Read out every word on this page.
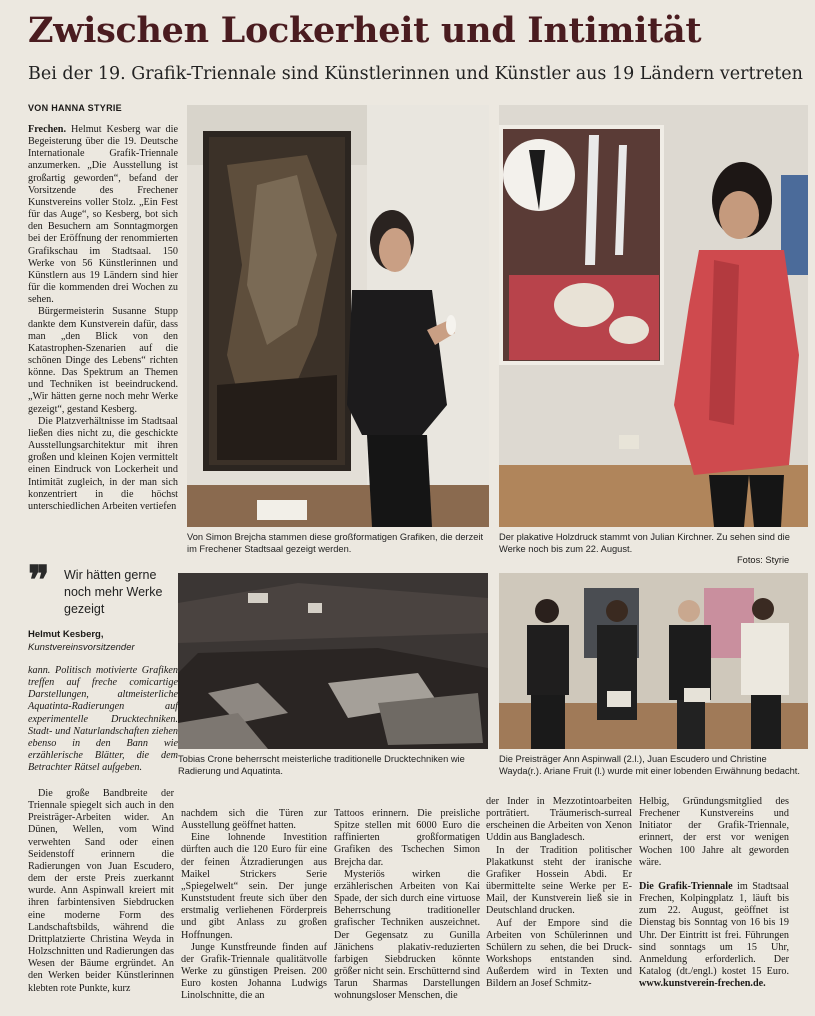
Zwischen Lockerheit und Intimität
Bei der 19. Grafik-Triennale sind Künstlerinnen und Künstler aus 19 Ländern vertreten
VON HANNA STYRIE
Von Simon Brejcha stammen diese großformatigen Grafiken, die derzeit im Frechener Stadtsaal gezeigt werden.
Der plakative Holzdruck stammt von Julian Kirchner. Zu sehen sind die Werke noch bis zum 22. August.
Fotos: Styrie
Tobias Crone beherrscht meisterliche traditionelle Drucktechniken wie Radierung und Aquatinta.
Die Preisträger Ann Aspinwall (2.l.), Juan Escudero und Christine Wayda(r.). Ariane Fruit (l.) wurde mit einer lobenden Erwähnung bedacht.
❞ Wir hätten gerne noch mehr Werke gezeigt
Helmut Kesberg,
Kunstvereinsvorsitzender

Frechen. Helmut Kesberg war die Begeisterung über die 19. Deutsche Internationale Grafik-Triennale anzumerken. „Die Ausstellung ist großartig geworden“, befand der Vorsitzende des Frechener Kunstvereins voller Stolz. „Ein Fest für das Auge“, so Kesberg, bot sich den Besuchern am Sonntagmorgen bei der Eröffnung der renommierten Grafikschau im Stadtsaal. 150 Werke von 56 Künstlerinnen und Künstlern aus 19 Ländern sind hier für die kommenden drei Wochen zu sehen.

Bürgermeisterin Susanne Stupp dankte dem Kunstverein dafür, dass man „den Blick von den Katastrophen-Szenarien auf die schönen Dinge des Lebens“ richten könne. Das Spektrum an Themen und Techniken ist beeindruckend. „Wir hätten gerne noch mehr Werke gezeigt“, gestand Kesberg.

Die Platzverhältnisse im Stadtsaal ließen dies nicht zu, die geschickte Ausstellungsarchitektur mit ihren großen und kleinen Kojen vermittelt einen Eindruck von Lockerheit und Intimität zugleich, in der man sich konzentriert in die höchst unterschiedlichen Arbeiten vertiefen

kann. Politisch motivierte Grafiken treffen auf freche comicartige Darstellungen, altmeisterliche Aquatinta-Radierungen auf experimentelle Drucktechniken. Stadt- und Naturlandschaften ziehen ebenso in den Bann wie erzählerische Blätter, die dem Betrachter Rätsel aufgeben.

Die große Bandbreite der Triennale spiegelt sich auch in den Preisträger-Arbeiten wider. An Dünen, Wellen, vom Wind verwehten Sand oder einen Seidenstoff erinnern die Radierungen von Juan Escudero, dem der erste Preis zuerkannt wurde. Ann Aspinwall kreiert mit ihren farbintensiven Siebdrucken eine moderne Form des Landschaftsbilds, während die Drittplatzierte Christina Weyda in Holzschnitten und Radierungen das Wesen der Bäume ergründet. An den Werken beider Künstlerinnen klebten rote Punkte, kurz

nachdem sich die Türen zur Ausstellung geöffnet hatten.

Eine lohnende Investition dürften auch die 120 Euro für eine der feinen Ätzradierungen aus Maikel Strickers Serie „Spiegelwelt“ sein. Der junge Kunststudent freute sich über den erstmalig verliehenen Förderpreis und gibt Anlass zu großen Hoffnungen.

Junge Kunstfreunde finden auf der Grafik-Triennale qualitätvolle Werke zu günstigen Preisen. 200 Euro kosten Johanna Ludwigs Linolschnitte, die an

Tattoos erinnern. Die preisliche Spitze stellen mit 6000 Euro die raffinierten großformatigen Grafiken des Tschechen Simon Brejcha dar.

Mysteriös wirken die erzählerischen Arbeiten von Kai Spade, der sich durch eine virtuose Beherrschung traditioneller grafischer Techniken auszeichnet. Der Gegensatz zu Gunilla Jänichens plakativ-reduzierten farbigen Siebdrucken könnte größer nicht sein. Erschütternd sind Tarun Sharmas Darstellungen wohnungsloser Menschen, die

der Inder in Mezzotintoarbeiten porträtiert. Träumerisch-surreal erscheinen die Arbeiten von Xenon Uddin aus Bangladesch.

In der Tradition politischer Plakatkunst steht der iranische Grafiker Hossein Abdi. Er übermittelte seine Werke per E-Mail, der Kunstverein ließ sie in Deutschland drucken.

Auf der Empore sind die Arbeiten von Schülerinnen und Schülern zu sehen, die bei Druck-Workshops entstanden sind. Außerdem wird in Texten und Bildern an Josef Schmitz-

Helbig, Gründungsmitglied des Frechener Kunstvereins und Initiator der Grafik-Triennale, erinnert, der erst vor wenigen Wochen 100 Jahre alt geworden wäre.

Die Grafik-Triennale im Stadtsaal Frechen, Kolpingplatz 1, läuft bis zum 22. August, geöffnet ist Dienstag bis Sonntag von 16 bis 19 Uhr. Der Eintritt ist frei. Führungen sind sonntags um 15 Uhr, Anmeldung erforderlich. Der Katalog (dt./engl.) kostet 15 Euro. www.kunstverein-frechen.de.
